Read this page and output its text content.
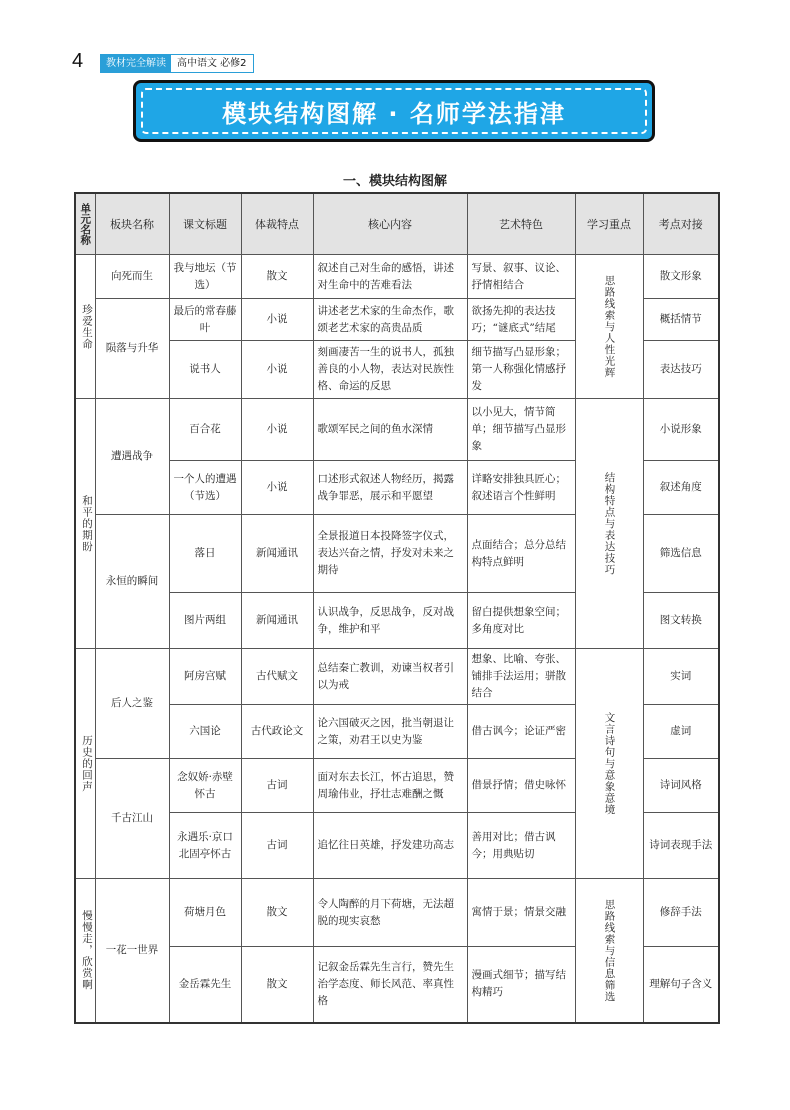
4	教材完全解读	高中语文 必修2
模块结构图解 · 名师学法指津
一、模块结构图解
单元名称	板块名称	课文标题	体裁特点	核心内容	艺术特色	学习重点	考点对接

珍爱生命	向死而生	我与地坛（节选）	散文	叙述自己对生命的感悟，讲述对生命中的苦难看法	写景、叙事、议论、抒情相结合	思路线索与人性光辉	散文形象
	陨落与升华	最后的常春藤叶	小说	讲述老艺术家的生命杰作，歌颂老艺术家的高贵品质	欲扬先抑的表达技巧；“谜底式”结尾		概括情节
		说书人	小说	刻画凄苦一生的说书人，孤独善良的小人物，表达对民族性格、命运的反思	细节描写凸显形象；第一人称强化情感抒发		表达技巧

和平的期盼	遭遇战争	百合花	小说	歌颂军民之间的鱼水深情	以小见大，情节简单；细节描写凸显形象	结构特点与表达技巧	小说形象
		一个人的遭遇（节选）	小说	口述形式叙述人物经历，揭露战争罪恶，展示和平愿望	详略安排独具匠心；叙述语言个性鲜明		叙述角度
	永恒的瞬间	落日	新闻通讯	全景报道日本投降签字仪式，表达兴奋之情，抒发对未来之期待	点面结合；总分总结构特点鲜明		筛选信息
		图片两组	新闻通讯	认识战争，反思战争，反对战争，维护和平	留白提供想象空间；多角度对比		图文转换

历史的回声	后人之鉴	阿房宫赋	古代赋文	总结秦亡教训，劝谏当权者引以为戒	想象、比喻、夸张、铺排手法运用；骈散结合	文言诗句与意象意境	实词
		六国论	古代政论文	论六国破灭之因，批当朝退让之策，劝君王以史为鉴	借古讽今；论证严密		虚词
	千古江山	念奴娇·赤壁怀古	古词	面对东去长江，怀古追思，赞周瑜伟业，抒壮志难酬之慨	借景抒情；借史咏怀		诗词风格
		永遇乐·京口北固亭怀古	古词	追忆往日英雄，抒发建功高志	善用对比；借古讽今；用典贴切		诗词表现手法

慢慢走，欣赏啊	一花一世界	荷塘月色	散文	令人陶醉的月下荷塘，无法超脱的现实哀愁	寓情于景；情景交融	思路线索与信息筛选	修辞手法
		金岳霖先生	散文	记叙金岳霖先生言行，赞先生治学态度、师长风范、率真性格	漫画式细节；描写结构精巧		理解句子含义
